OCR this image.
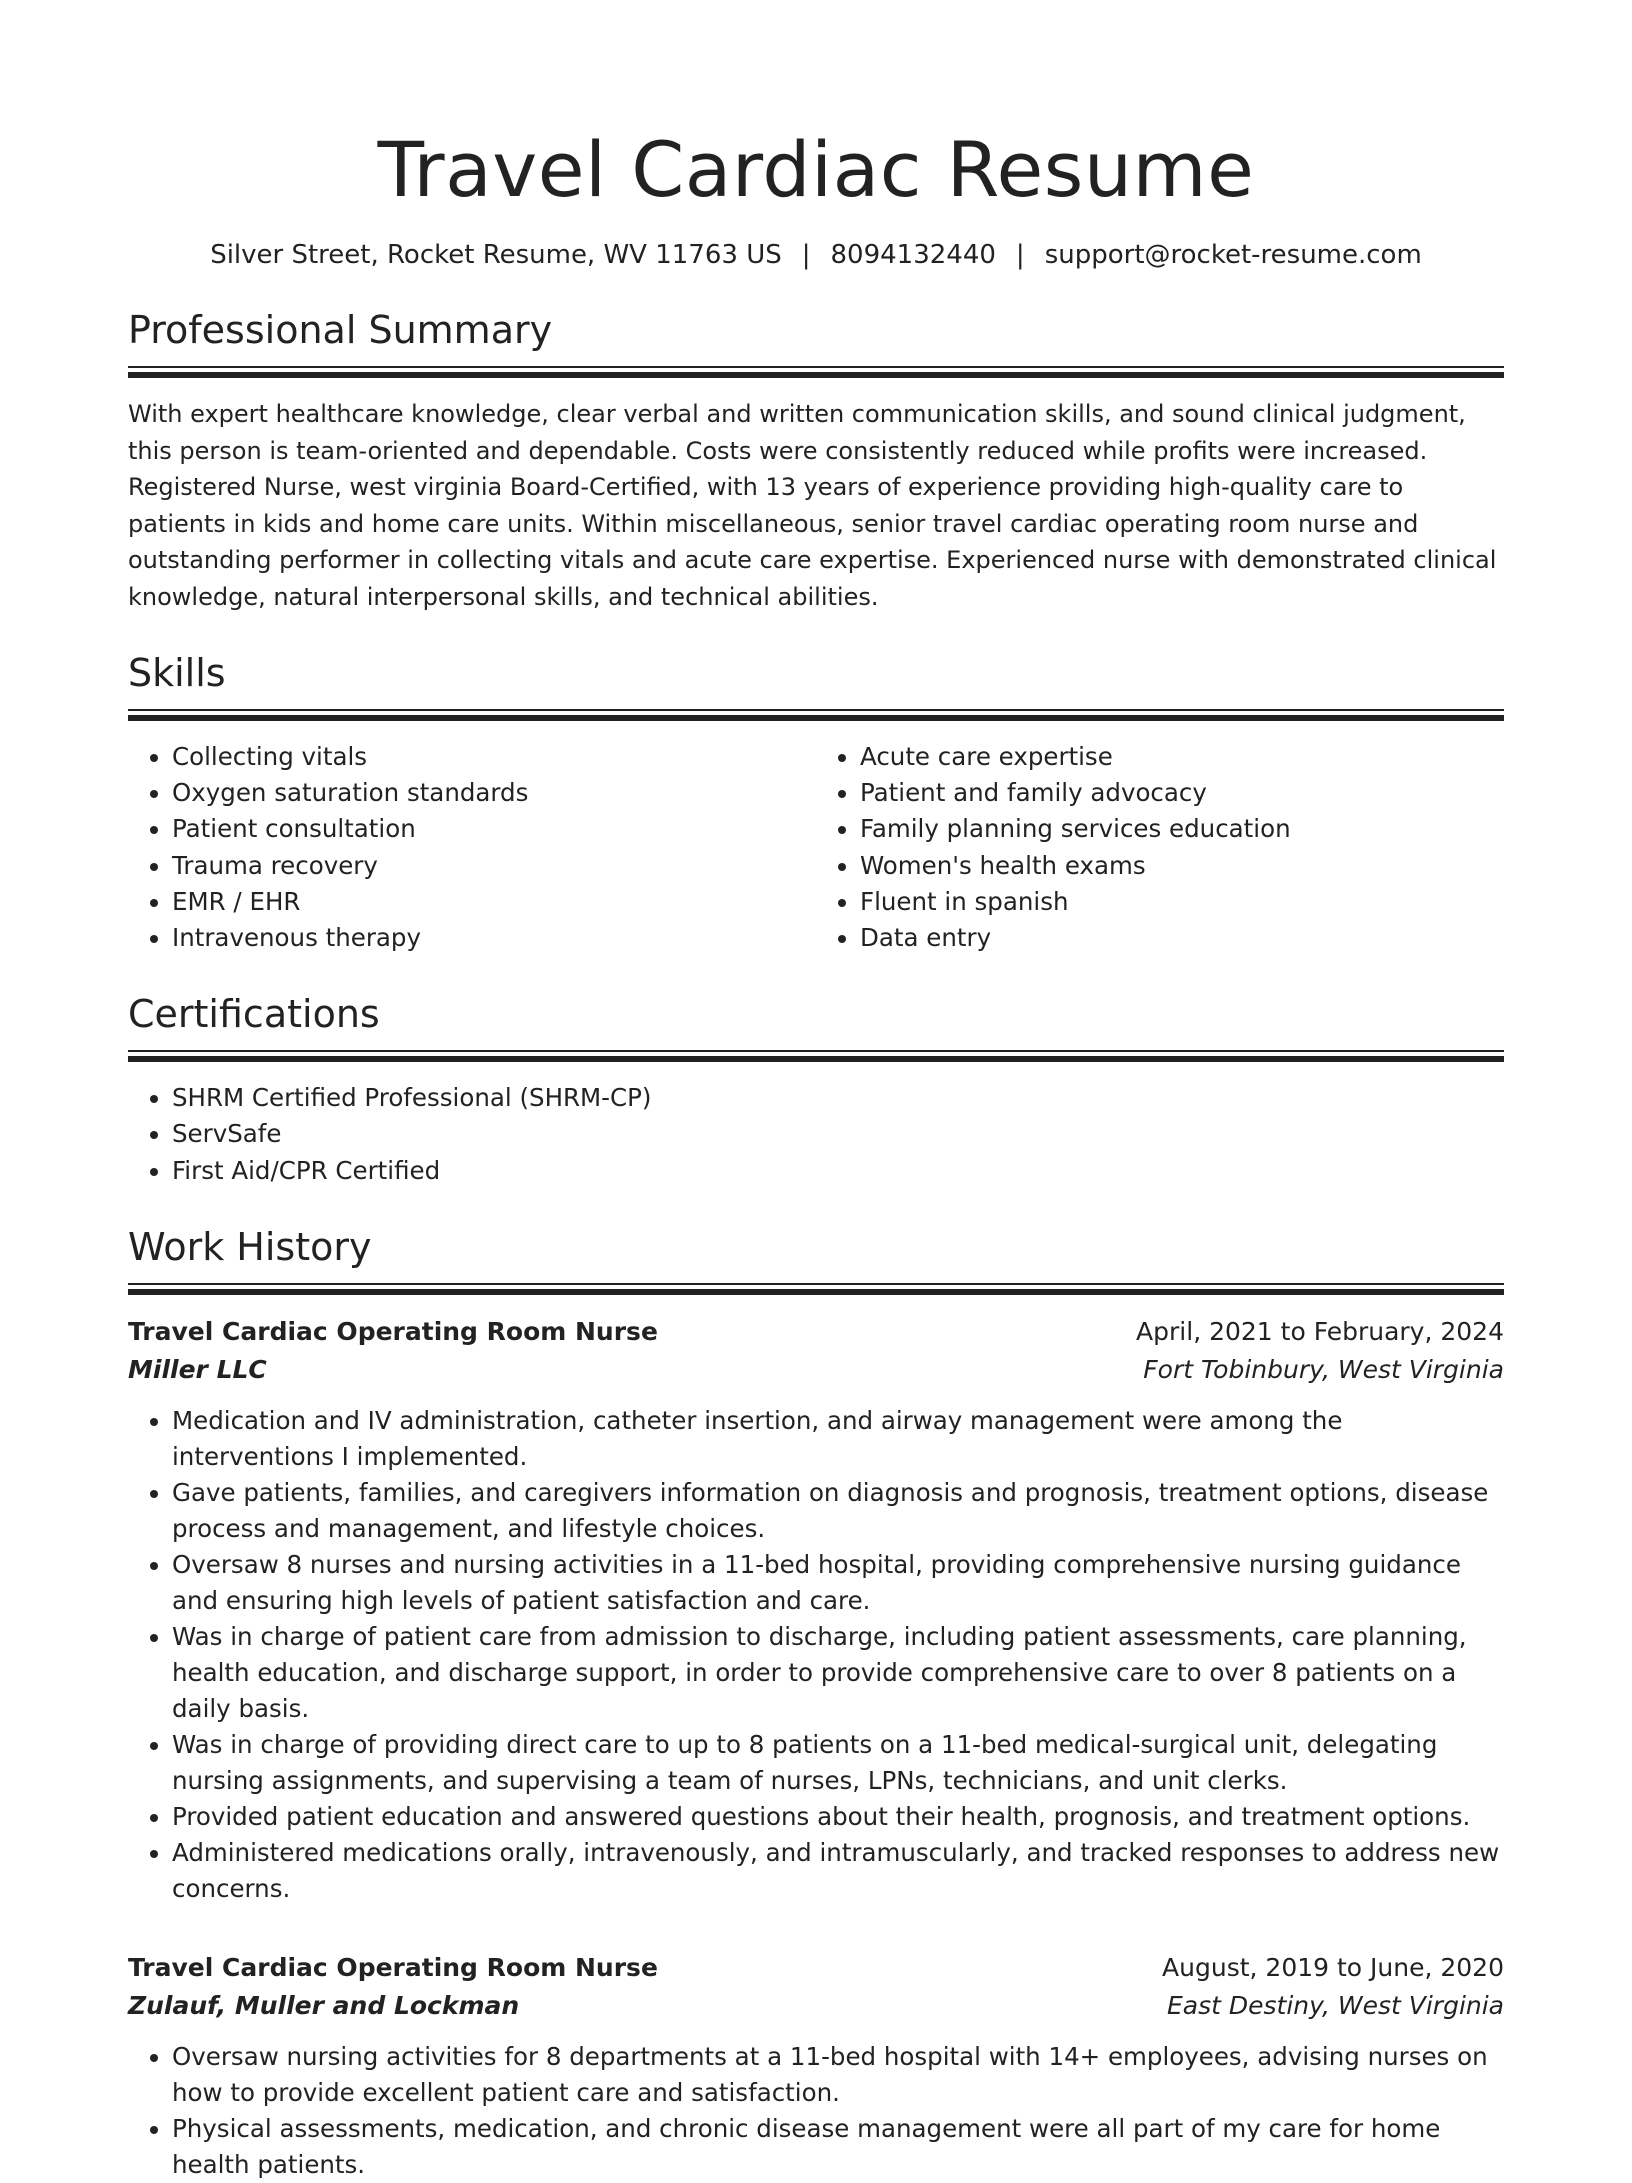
Travel Cardiac Resume
Silver Street, Rocket Resume, WV 11763 US | 8094132440 | support@rocket-resume.com
Professional Summary

With expert healthcare knowledge, clear verbal and written communication skills, and sound clinical judgment, this person is team-oriented and dependable. Costs were consistently reduced while profits were increased. Registered Nurse, west virginia Board-Certified, with 13 years of experience providing high-quality care to patients in kids and home care units. Within miscellaneous, senior travel cardiac operating room nurse and outstanding performer in collecting vitals and acute care expertise. Experienced nurse with demonstrated clinical knowledge, natural interpersonal skills, and technical abilities.

Skills
• Collecting vitals
• Oxygen saturation standards
• Patient consultation
• Trauma recovery
• EMR / EHR
• Intravenous therapy
• Acute care expertise
• Patient and family advocacy
• Family planning services education
• Women's health exams
• Fluent in spanish
• Data entry
Certifications
• SHRM Certified Professional (SHRM-CP)
• ServSafe
• First Aid/CPR Certified
Work History
Travel Cardiac Operating Room Nurse	April, 2021 to February, 2024
Miller LLC	Fort Tobinbury, West Virginia
• Medication and IV administration, catheter insertion, and airway management were among the interventions I implemented.
• Gave patients, families, and caregivers information on diagnosis and prognosis, treatment options, disease process and management, and lifestyle choices.
• Oversaw 8 nurses and nursing activities in a 11-bed hospital, providing comprehensive nursing guidance and ensuring high levels of patient satisfaction and care.
• Was in charge of patient care from admission to discharge, including patient assessments, care planning, health education, and discharge support, in order to provide comprehensive care to over 8 patients on a daily basis.
• Was in charge of providing direct care to up to 8 patients on a 11-bed medical-surgical unit, delegating nursing assignments, and supervising a team of nurses, LPNs, technicians, and unit clerks.
• Provided patient education and answered questions about their health, prognosis, and treatment options.
• Administered medications orally, intravenously, and intramuscularly, and tracked responses to address new concerns.
Travel Cardiac Operating Room Nurse	August, 2019 to June, 2020
Zulauf, Muller and Lockman	East Destiny, West Virginia
• Oversaw nursing activities for 8 departments at a 11-bed hospital with 14+ employees, advising nurses on how to provide excellent patient care and satisfaction.
• Physical assessments, medication, and chronic disease management were all part of my care for home health patients.
